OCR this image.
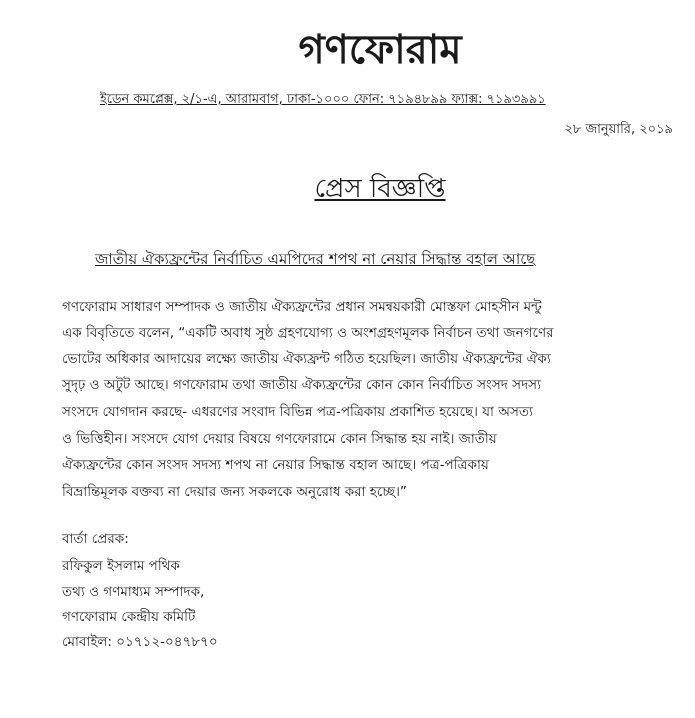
গণফোরাম
ইডেন কমপ্লেক্স, ২/১-এ, আরামবাগ, ঢাকা-১০০০ ফোন: ৭১৯৪৮৯৯ ফ্যাক্স: ৭১৯৩৯৯১
২৮ জানুয়ারি, ২০১৯
প্রেস বিজ্ঞপ্তি
জাতীয় ঐক্যফ্রন্টের নির্বাচিত এমপিদের শপথ না নেয়ার সিদ্ধান্ত বহাল আছে
গণফোরাম সাধারণ সম্পাদক ও জাতীয় ঐক্যফ্রন্টের প্রধান সমন্বয়কারী মোস্তফা মোহসীন মন্টু
এক বিবৃতিতে বলেন, “একটি অবাধ সুষ্ঠ গ্রহণযোগ্য ও অংশগ্রহণমূলক নির্বাচন তথা জনগণের
ভোটের অধিকার আদায়ের লক্ষ্যে জাতীয় ঐক্যফ্রন্ট গঠিত হয়েছিল। জাতীয় ঐক্যফ্রন্টের ঐক্য
সুদৃঢ় ও অটুট আছে। গণফোরাম তথা জাতীয় ঐক্যফ্রন্টের কোন কোন নির্বাচিত সংসদ সদস্য
সংসদে যোগদান করছে- এধরণের সংবাদ বিভিন্ন পত্র-পত্রিকায় প্রকাশিত হয়েছে। যা অসত্য
ও ভিত্তিহীন। সংসদে যোগ দেয়ার বিষয়ে গণফোরামে কোন সিদ্ধান্ত হয় নাই। জাতীয়
ঐক্যফ্রন্টের কোন সংসদ সদস্য শপথ না নেয়ার সিদ্ধান্ত বহাল আছে। পত্র-পত্রিকায়
বিভ্রান্তিমূলক বক্তব্য না দেয়ার জন্য সকলকে অনুরোধ করা হচ্ছে।”
বার্তা প্রেরক:
রফিকুল ইসলাম পথিক
তথ্য ও গণমাধ্যম সম্পাদক,
গণফোরাম কেন্দ্রীয় কমিটি
মোবাইল: ০১৭১২-০৪৭৮৭০
